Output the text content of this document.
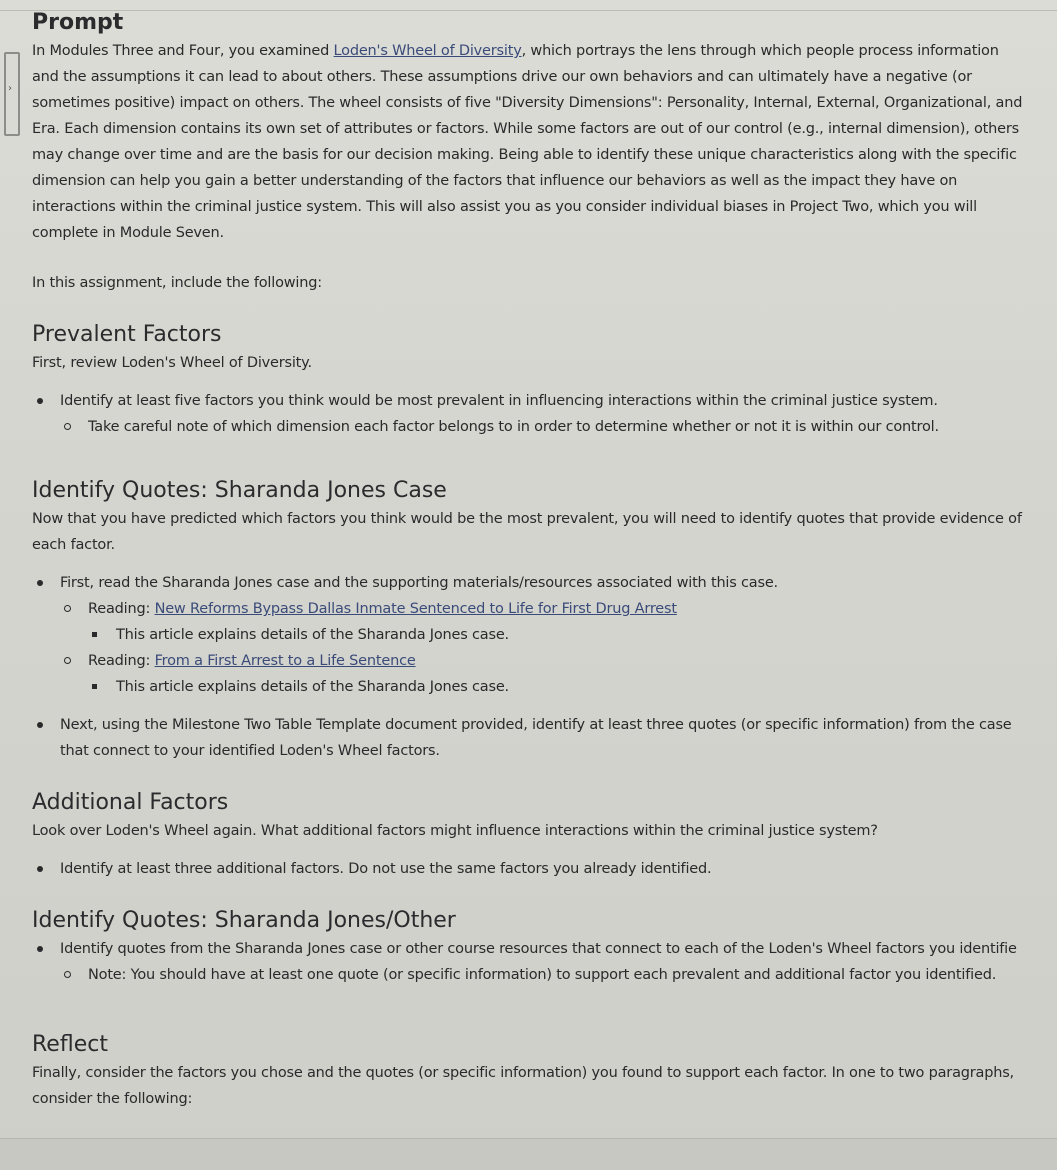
›
Prompt

In Modules Three and Four, you examined Loden's Wheel of Diversity, which portrays the lens through which people process information

and the assumptions it can lead to about others. These assumptions drive our own behaviors and can ultimately have a negative (or

sometimes positive) impact on others. The wheel consists of five "Diversity Dimensions": Personality, Internal, External, Organizational, and

Era. Each dimension contains its own set of attributes or factors. While some factors are out of our control (e.g., internal dimension), others

may change over time and are the basis for our decision making. Being able to identify these unique characteristics along with the specific

dimension can help you gain a better understanding of the factors that influence our behaviors as well as the impact they have on

interactions within the criminal justice system. This will also assist you as you consider individual biases in Project Two, which you will

complete in Module Seven.

In this assignment, include the following:

Prevalent Factors

First, review Loden's Wheel of Diversity.

Identify at least five factors you think would be most prevalent in influencing interactions within the criminal justice system.
Take careful note of which dimension each factor belongs to in order to determine whether or not it is within our control.
Identify Quotes: Sharanda Jones Case

Now that you have predicted which factors you think would be the most prevalent, you will need to identify quotes that provide evidence of

each factor.

First, read the Sharanda Jones case and the supporting materials/resources associated with this case.
Reading: New Reforms Bypass Dallas Inmate Sentenced to Life for First Drug Arrest
This article explains details of the Sharanda Jones case.
Reading: From a First Arrest to a Life Sentence
This article explains details of the Sharanda Jones case.
Next, using the Milestone Two Table Template document provided, identify at least three quotes (or specific information) from the case
that connect to your identified Loden's Wheel factors.
Additional Factors

Look over Loden's Wheel again. What additional factors might influence interactions within the criminal justice system?

Identify at least three additional factors. Do not use the same factors you already identified.
Identify Quotes: Sharanda Jones/Other
Identify quotes from the Sharanda Jones case or other course resources that connect to each of the Loden's Wheel factors you identifie
Note: You should have at least one quote (or specific information) to support each prevalent and additional factor you identified.
Reflect

Finally, consider the factors you chose and the quotes (or specific information) you found to support each factor. In one to two paragraphs,

consider the following:
